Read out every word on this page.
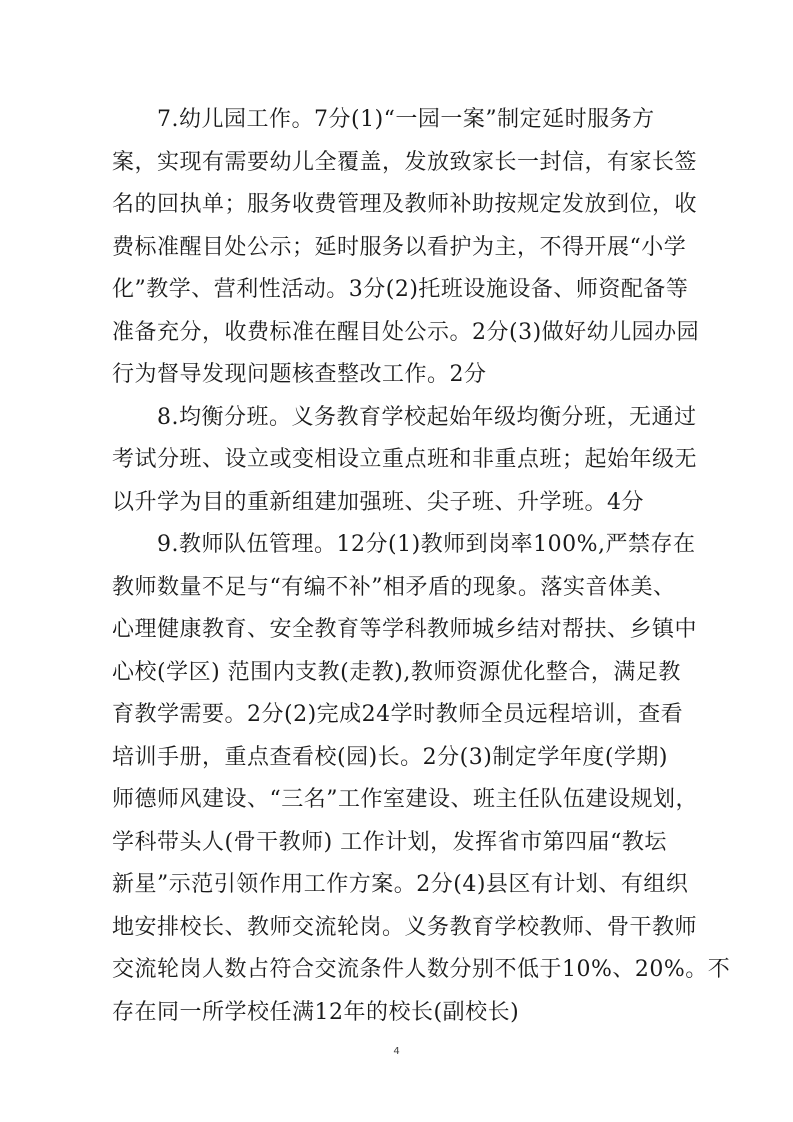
7.幼儿园工作。7分(1)“一园一案”制定延时服务方
案，实现有需要幼儿全覆盖，发放致家长一封信，有家长签
名的回执单；服务收费管理及教师补助按规定发放到位，收
费标准醒目处公示；延时服务以看护为主，不得开展“小学
化”教学、营利性活动。3分(2)托班设施设备、师资配备等
准备充分，收费标准在醒目处公示。2分(3)做好幼儿园办园
行为督导发现问题核查整改工作。2分
8.均衡分班。义务教育学校起始年级均衡分班，无通过
考试分班、设立或变相设立重点班和非重点班；起始年级无
以升学为目的重新组建加强班、尖子班、升学班。4分
9.教师队伍管理。12分(1)教师到岗率100%,严禁存在
教师数量不足与“有编不补”相矛盾的现象。落实音体美、
心理健康教育、安全教育等学科教师城乡结对帮扶、乡镇中
心校(学区) 范围内支教(走教),教师资源优化整合，满足教
育教学需要。2分(2)完成24学时教师全员远程培训，查看
培训手册，重点查看校(园)长。2分(3)制定学年度(学期)
师德师风建设、“三名”工作室建设、班主任队伍建设规划，
学科带头人(骨干教师) 工作计划，发挥省市第四届“教坛
新星”示范引领作用工作方案。2分(4)县区有计划、有组织
地安排校长、教师交流轮岗。义务教育学校教师、骨干教师
交流轮岗人数占符合交流条件人数分别不低于10%、20%。不
存在同一所学校任满12年的校长(副校长)
4
